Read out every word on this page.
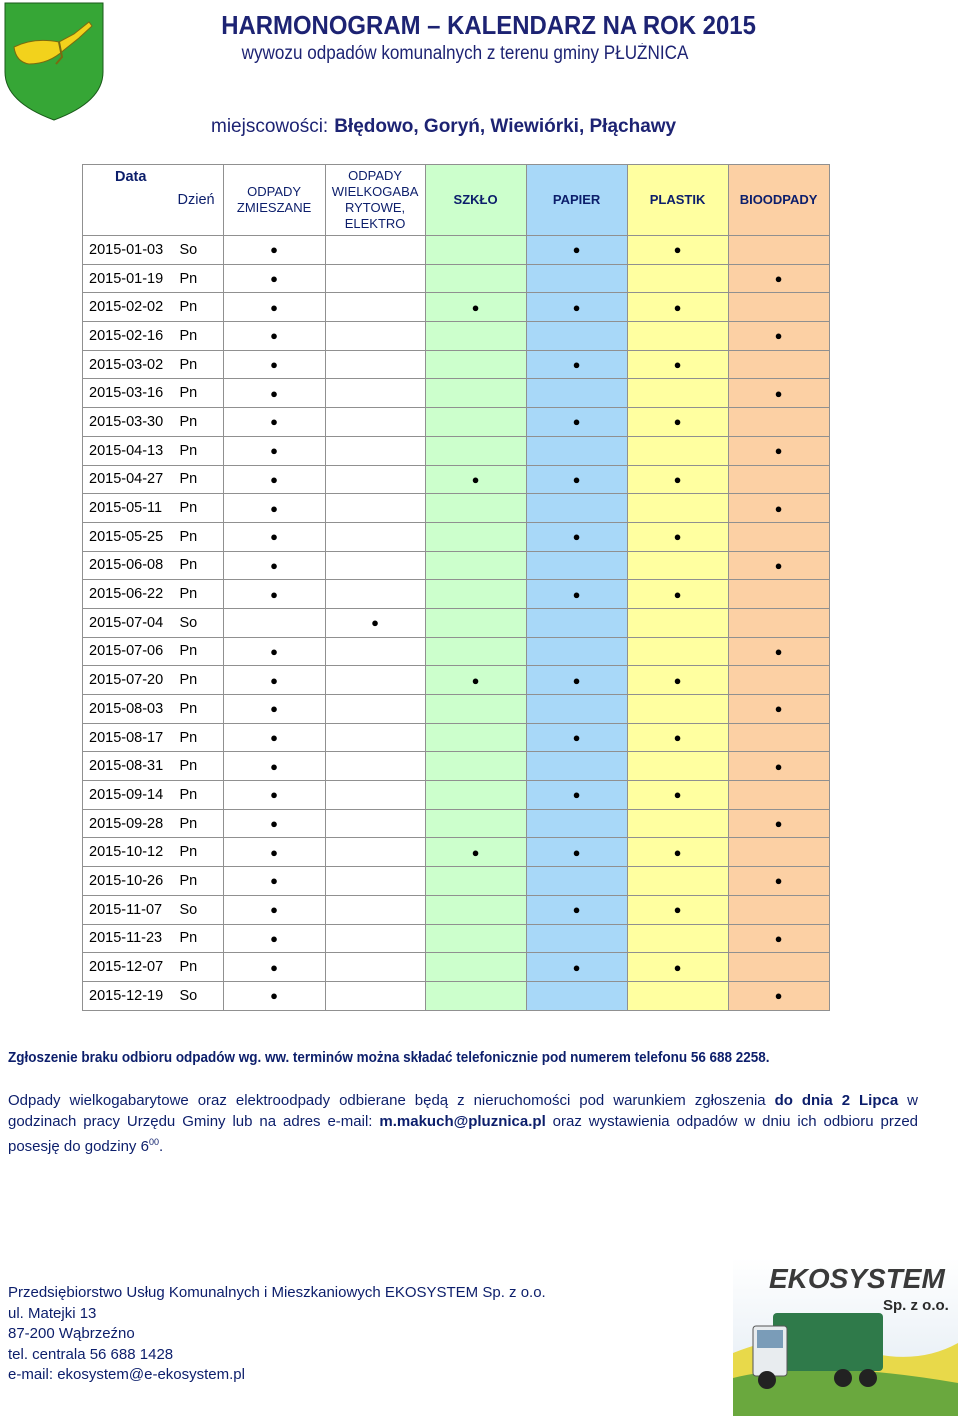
HARMONOGRAM – KALENDARZ NA ROK 2015
wywozu odpadów komunalnych z terenu gminy PŁUŻNICA
miejscowości: Błędowo, Goryń, Wiewiórki, Płąchawy
Data	Dzień	ODPADY ZMIESZANE	ODPADY WIELKOGABA RYTOWE, ELEKTRO	SZKŁO	PAPIER	PLASTIK	BIOODPADY
2015-01-03	So	●			●	●	
2015-01-19	Pn	●					●
2015-02-02	Pn	●		●	●	●	
2015-02-16	Pn	●					●
2015-03-02	Pn	●			●	●	
2015-03-16	Pn	●					●
2015-03-30	Pn	●			●	●	
2015-04-13	Pn	●					●
2015-04-27	Pn	●		●	●	●	
2015-05-11	Pn	●					●
2015-05-25	Pn	●			●	●	
2015-06-08	Pn	●					●
2015-06-22	Pn	●			●	●	
2015-07-04	So		●				
2015-07-06	Pn	●					●
2015-07-20	Pn	●		●	●	●	
2015-08-03	Pn	●					●
2015-08-17	Pn	●			●	●	
2015-08-31	Pn	●					●
2015-09-14	Pn	●			●	●	
2015-09-28	Pn	●					●
2015-10-12	Pn	●		●	●	●	
2015-10-26	Pn	●					●
2015-11-07	So	●			●	●	
2015-11-23	Pn	●					●
2015-12-07	Pn	●			●	●	
2015-12-19	So	●					●
Zgłoszenie braku odbioru odpadów wg. ww. terminów można składać telefonicznie pod numerem telefonu 56 688 2258.
Odpady wielkogabarytowe oraz elektroodpady odbierane będą z nieruchomości pod warunkiem zgłoszenia do dnia 2 Lipca w godzinach pracy Urzędu Gminy lub na adres e-mail: m.makuch@pluznica.pl oraz wystawienia odpadów w dniu ich odbioru przed posesję do godziny $6^{00}$.
Przedsiębiorstwo Usług Komunalnych i Mieszkaniowych EKOSYSTEM Sp. z o.o.
ul. Matejki 13
87-200 Wąbrzeźno
tel. centrala 56 688 1428
e-mail: ekosystem@e-ekosystem.pl
EKOSYSTEM
Sp. z o.o.
